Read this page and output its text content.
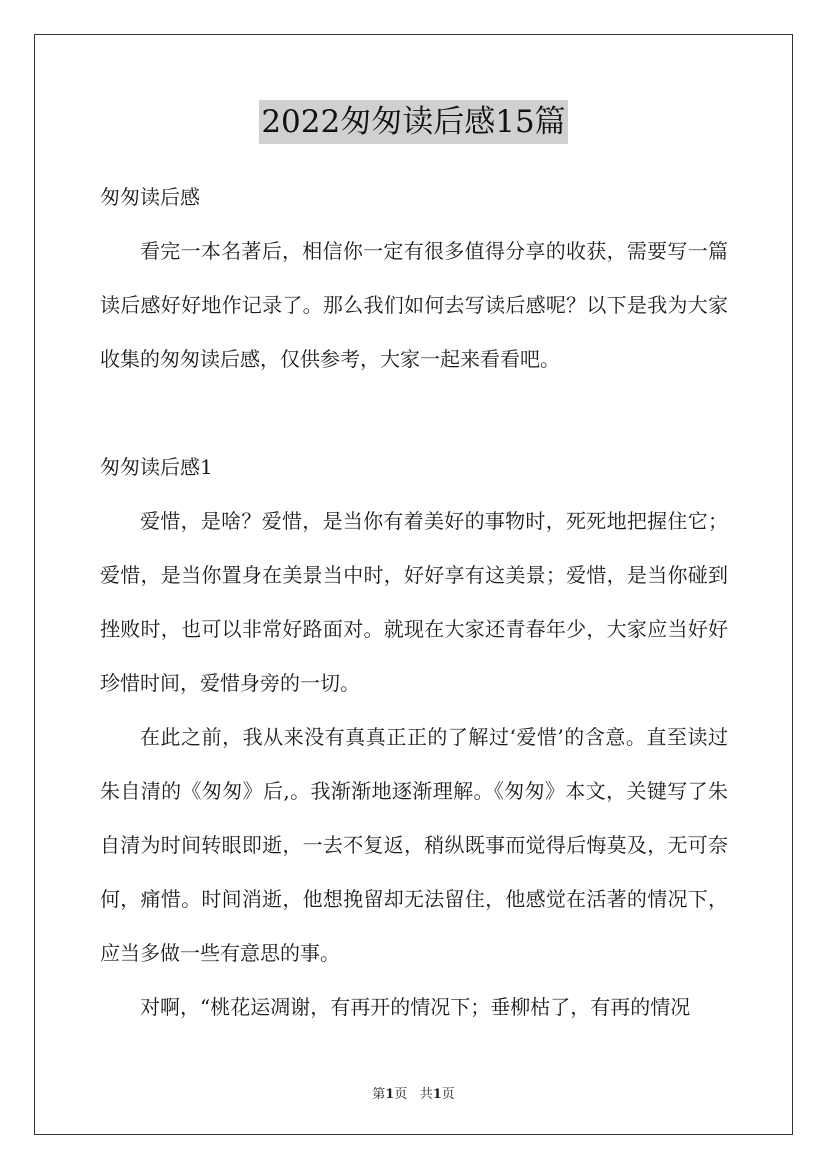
2022匆匆读后感15篇

匆匆读后感

看完一本名著后，相信你一定有很多值得分享的收获，需要写一篇读后感好好地作记录了。那么我们如何去写读后感呢？以下是我为大家收集的匆匆读后感，仅供参考，大家一起来看看吧。

匆匆读后感1

爱惜，是啥？爱惜，是当你有着美好的事物时，死死地把握住它；爱惜，是当你置身在美景当中时，好好享有这美景；爱惜，是当你碰到挫败时，也可以非常好路面对。就现在大家还青春年少，大家应当好好珍惜时间，爱惜身旁的一切。

在此之前，我从来没有真真正正的了解过‘爱惜’的含意。直至读过朱自清的《匆匆》后,。我渐渐地逐渐理解。《匆匆》本文，关键写了朱自清为时间转眼即逝，一去不复返，稍纵既事而觉得后悔莫及，无可奈何，痛惜。时间消逝，他想挽留却无法留住，他感觉在活著的情况下，应当多做一些有意思的事。

对啊，“桃花运凋谢，有再开的情况下；垂柳枯了，有再的情况

第1页   共1页
